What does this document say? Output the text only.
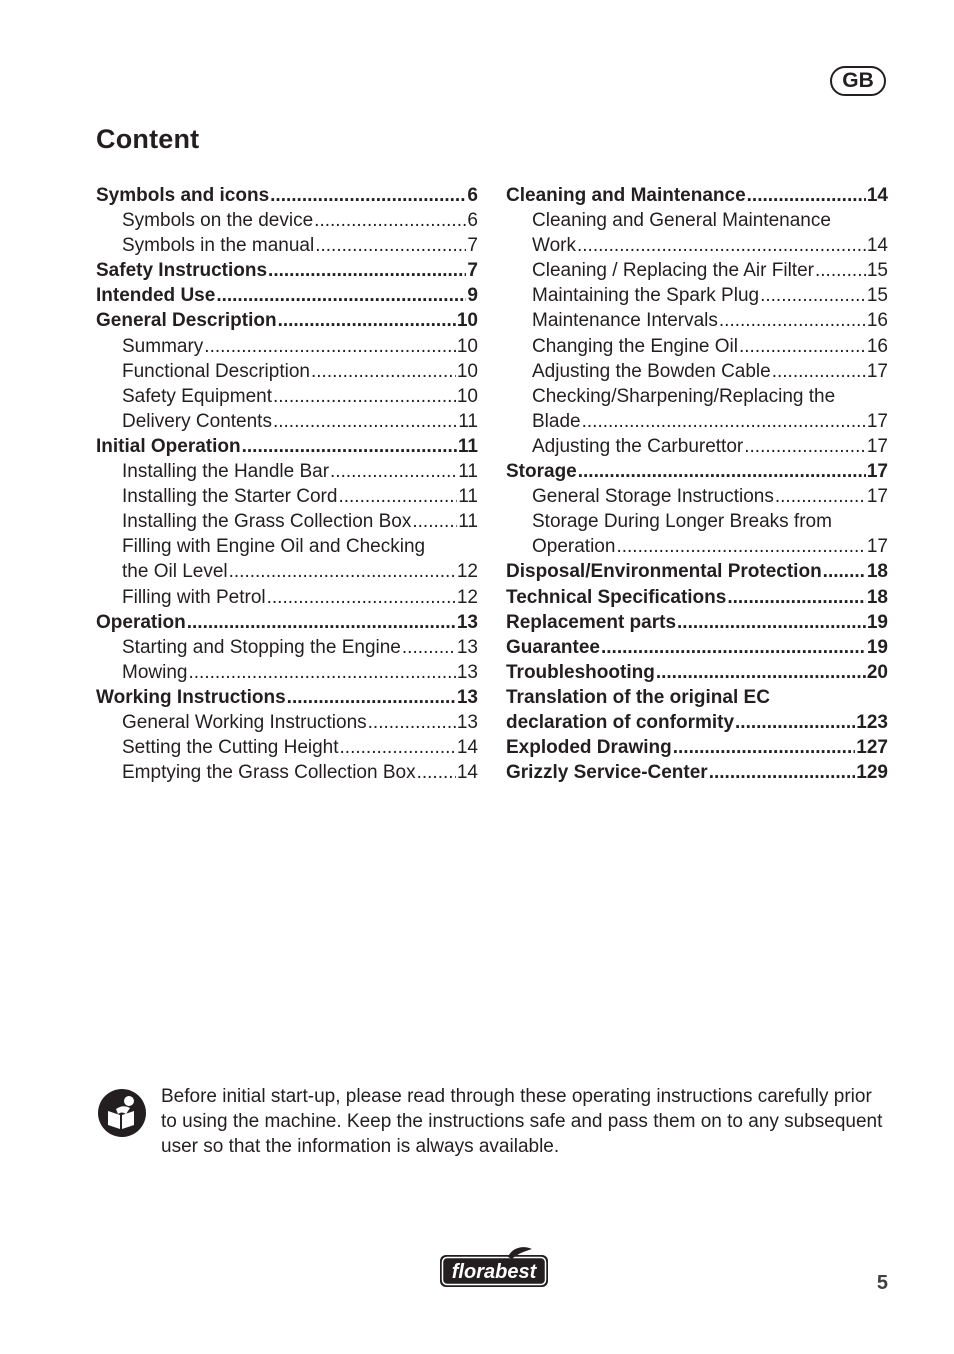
GB
Content
Symbols and icons .....	6
Symbols on the device .....	6
Symbols in the manual .....	7
Safety Instructions .....	7
Intended Use .....	9
General Description .....	10
Summary .....	10
Functional Description .....	10
Safety Equipment .....	10
Delivery Contents .....	11
Initial Operation .....	11
Installing the Handle Bar .....	11
Installing the Starter Cord .....	11
Installing the Grass Collection Box ..... 11
Filling with Engine Oil and Checking
the Oil Level .....	12
Filling with Petrol .....	12
Operation .....	13
Starting and Stopping the Engine .....	13
Mowing .....	13
Working Instructions .....	13
General Working Instructions .....	13
Setting the Cutting Height .....	14
Emptying the Grass Collection Box ..... 14
Cleaning and Maintenance .....	14
Cleaning and General Maintenance
Work .....	14
Cleaning / Replacing the Air Filter .....	15
Maintaining the Spark Plug .....	15
Maintenance Intervals .....	16
Changing the Engine Oil .....	16
Adjusting the Bowden Cable .....	17
Checking/Sharpening/Replacing the
Blade .....	17
Adjusting the Carburettor .....	17
Storage .....	17
General Storage Instructions .....	17
Storage During Longer Breaks from
Operation .....	17
Disposal/Environmental Protection ..... 18
Technical Specifications .....	18
Replacement parts .....	19
Guarantee .....	19
Troubleshooting .....	20
Translation of the original EC
declaration of conformity .....	123
Exploded Drawing .....	127
Grizzly Service-Center .....	129
Before initial start-up, please read through these operating instructions carefully prior to using the machine. Keep the instructions safe and pass them on to any subsequent user so that the information is always available.
florabest	5
